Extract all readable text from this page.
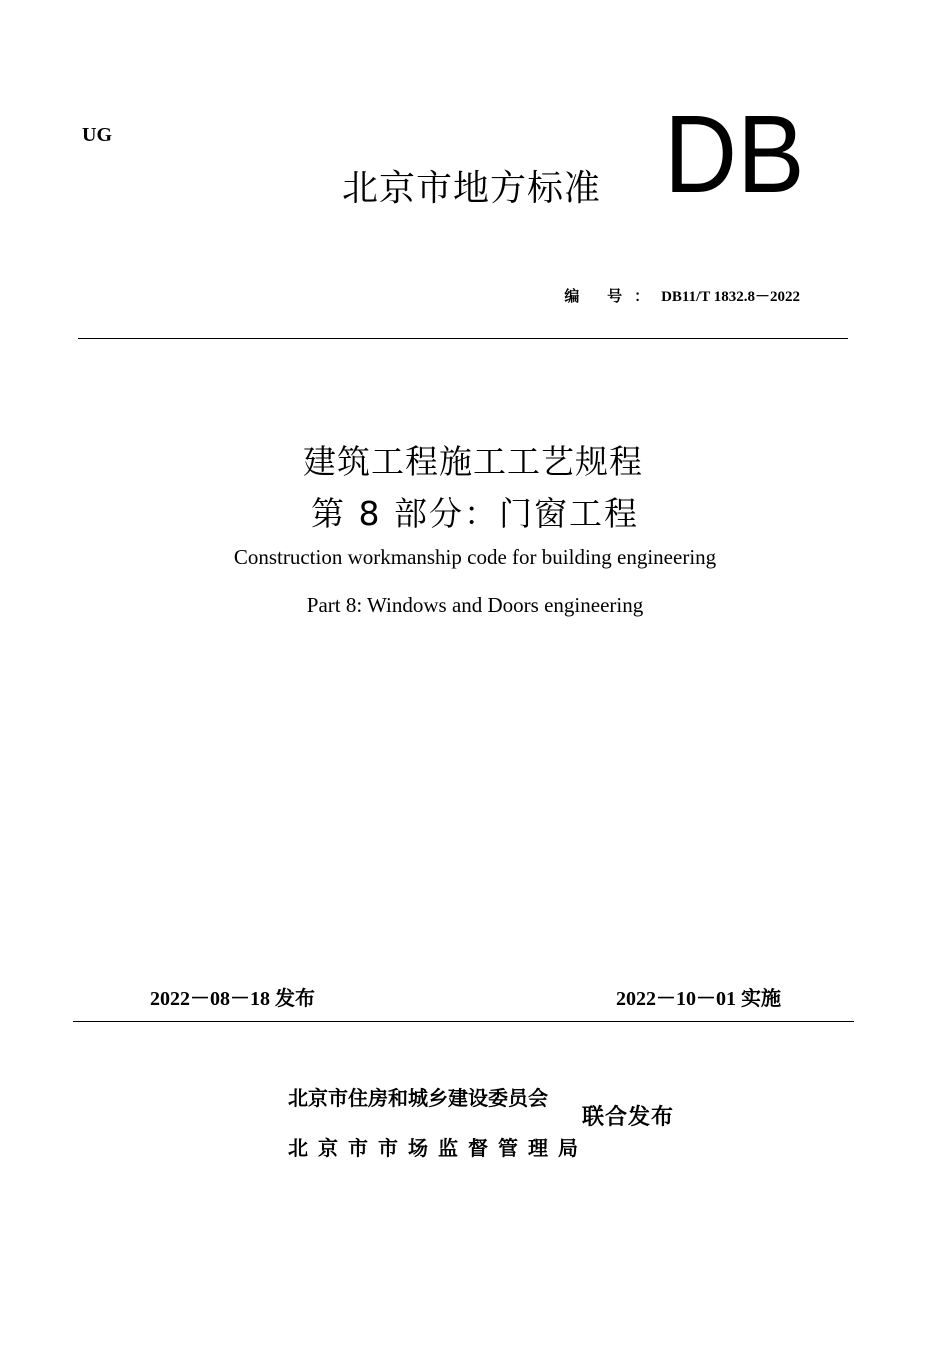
UG
北京市地方标准 DB
编 号：DB11/T 1832.8－2022
建筑工程施工工艺规程
第 8 部分：门窗工程
Construction workmanship code for building engineering
Part 8: Windows and Doors engineering
2022－08－18 发布	2022－10－01 实施
北京市住房和城乡建设委员会
北京市市场监督管理局
联合发布
